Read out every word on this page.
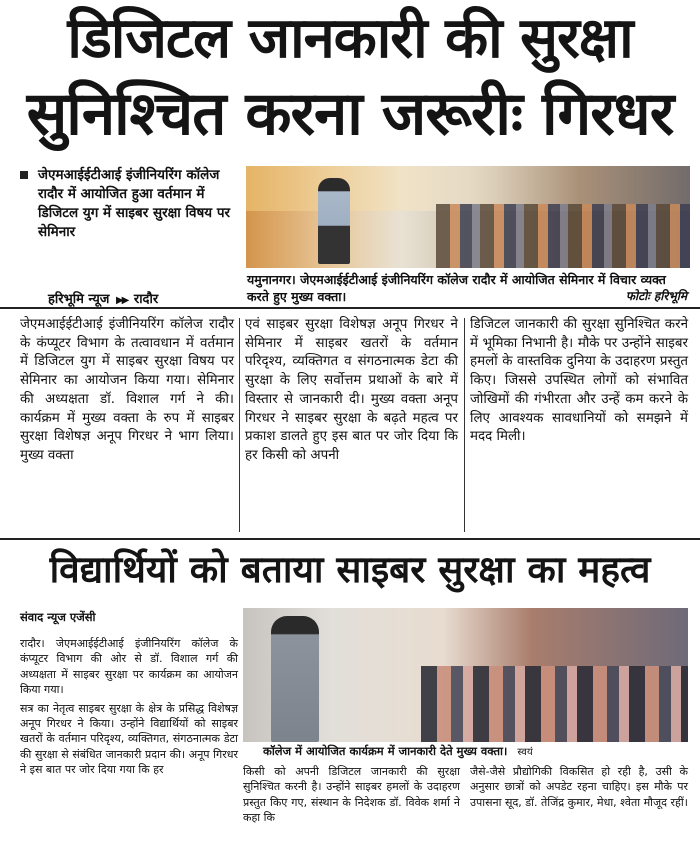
डिजिटल जानकारी की सुरक्षा
सुनिश्चित करना जरूरीः गिरधर
जेएमआईईटीआई इंजीनियरिंग कॉलेज रादौर में आयोजित हुआ वर्तमान में डिजिटल युग में साइबर सुरक्षा विषय पर सेमिनार
हरिभूमि न्यूज ▶▶ रादौर
यमुनानगर। जेएमआईईटीआई इंजीनियरिंग कॉलेज रादौर में आयोजित सेमिनार में विचार व्यक्त करते हुए मुख्य वक्ता।	फोटोः हरिभूमि
जेएमआईईटीआई इंजीनियरिंग कॉलेज रादौर के कंप्यूटर विभाग के तत्वावधान में वर्तमान में डिजिटल युग में साइबर सुरक्षा विषय पर सेमिनार का आयोजन किया गया। सेमिनार की अध्यक्षता डॉ. विशाल गर्ग ने की। कार्यक्रम में मुख्य वक्ता के रुप में साइबर सुरक्षा विशेषज्ञ अनूप गिरधर ने भाग लिया। मुख्य वक्ता
एवं साइबर सुरक्षा विशेषज्ञ अनूप गिरधर ने सेमिनार में साइबर खतरों के वर्तमान परिदृश्य, व्यक्तिगत व संगठनात्मक डेटा की सुरक्षा के लिए सर्वोत्तम प्रथाओं के बारे में विस्तार से जानकारी दी। मुख्य वक्ता अनूप गिरधर ने साइबर सुरक्षा के बढ़ते महत्व पर प्रकाश डालते हुए इस बात पर जोर दिया कि हर किसी को अपनी
डिजिटल जानकारी की सुरक्षा सुनिश्चित करने में भूमिका निभानी है। मौके पर उन्होंने साइबर हमलों के वास्तविक दुनिया के उदाहरण प्रस्तुत किए। जिससे उपस्थित लोगों को संभावित जोखिमों की गंभीरता और उन्हें कम करने के लिए आवश्यक सावधानियों को समझने में मदद मिली।
विद्यार्थियों को बताया साइबर सुरक्षा का महत्व
संवाद न्यूज एजेंसी
कॉलेज में आयोजित कार्यक्रम में जानकारी देते मुख्य वक्ता। स्वयं

रादौर। जेएमआईईटीआई इंजीनियरिंग कॉलेज के कंप्यूटर विभाग की ओर से डॉ. विशाल गर्ग की अध्यक्षता में साइबर सुरक्षा पर कार्यक्रम का आयोजन किया गया।

सत्र का नेतृत्व साइबर सुरक्षा के क्षेत्र के प्रसिद्ध विशेषज्ञ अनूप गिरधर ने किया। उन्होंने विद्यार्थियों को साइबर खतरों के वर्तमान परिदृश्य, व्यक्तिगत, संगठनात्मक डेटा की सुरक्षा से संबंधित जानकारी प्रदान की। अनूप गिरधर ने इस बात पर जोर दिया गया कि हर	किसी को अपनी डिजिटल जानकारी की सुरक्षा सुनिश्चित करनी है। उन्होंने साइबर हमलों के उदाहरण प्रस्तुत किए गए, संस्थान के निदेशक डॉ. विवेक शर्मा ने कहा कि
जैसे-जैसे प्रौद्योगिकी विकसित हो रही है, उसी के अनुसार छात्रों को अपडेट रहना चाहिए। इस मौके पर उपासना सूद, डॉ. तेजिंद्र कुमार, मेधा, श्वेता मौजूद रहीं।
